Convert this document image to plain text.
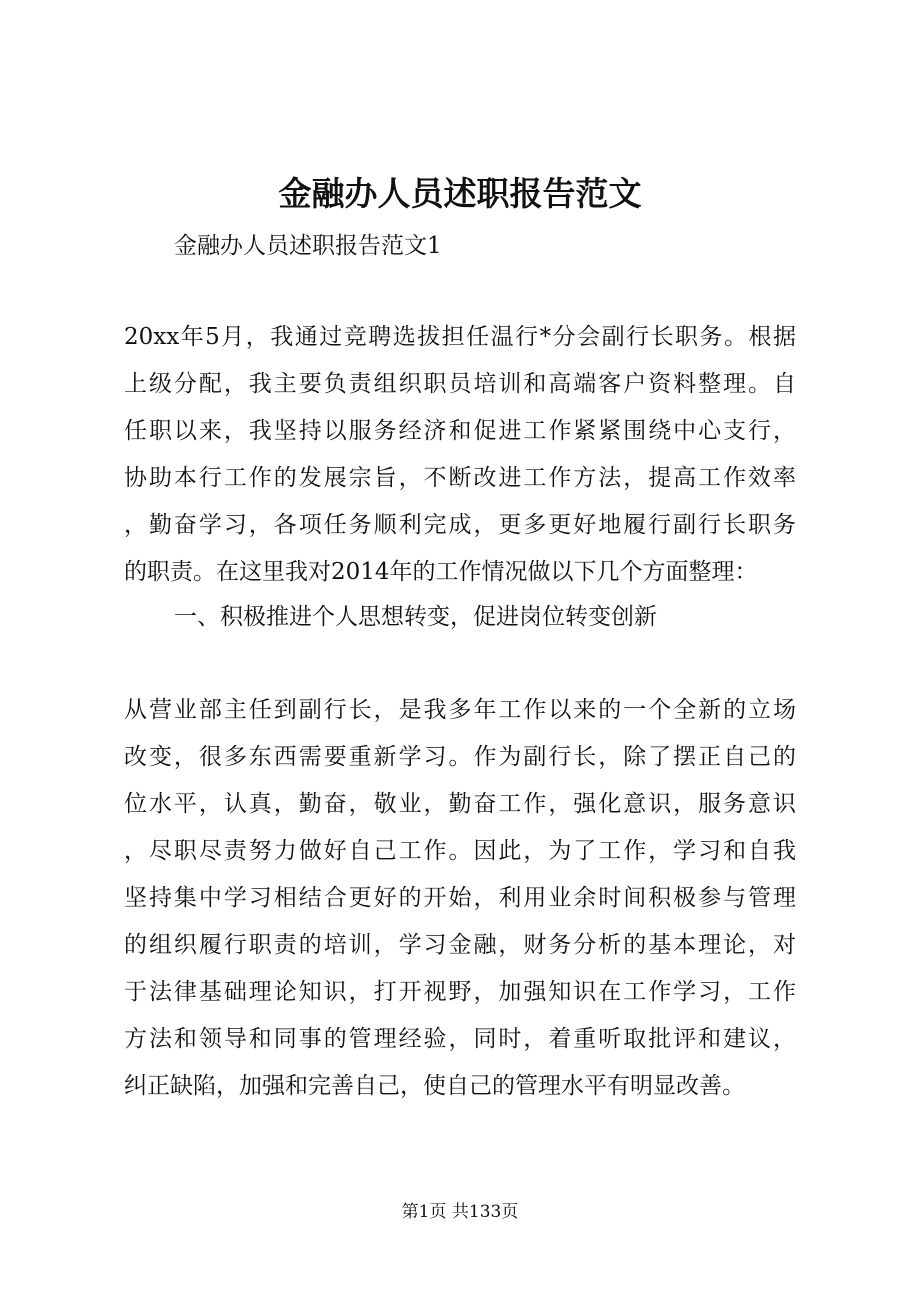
金融办人员述职报告范文
金融办人员述职报告范文1
20xx年5月，我通过竞聘选拔担任温行*分会副行长职务。根据
上级分配，我主要负责组织职员培训和高端客户资料整理。自
任职以来，我坚持以服务经济和促进工作紧紧围绕中心支行，
协助本行工作的发展宗旨，不断改进工作方法，提高工作效率
，勤奋学习，各项任务顺利完成，更多更好地履行副行长职务
的职责。在这里我对2014年的工作情况做以下几个方面整理：
一、积极推进个人思想转变，促进岗位转变创新
从营业部主任到副行长，是我多年工作以来的一个全新的立场
改变，很多东西需要重新学习。作为副行长，除了摆正自己的
位水平，认真，勤奋，敬业，勤奋工作，强化意识，服务意识
，尽职尽责努力做好自己工作。因此，为了工作，学习和自我
坚持集中学习相结合更好的开始，利用业余时间积极参与管理
的组织履行职责的培训，学习金融，财务分析的基本理论，对
于法律基础理论知识，打开视野，加强知识在工作学习，工作
方法和领导和同事的管理经验，同时，着重听取批评和建议，
纠正缺陷，加强和完善自己，使自己的管理水平有明显改善。
第1页 共133页
